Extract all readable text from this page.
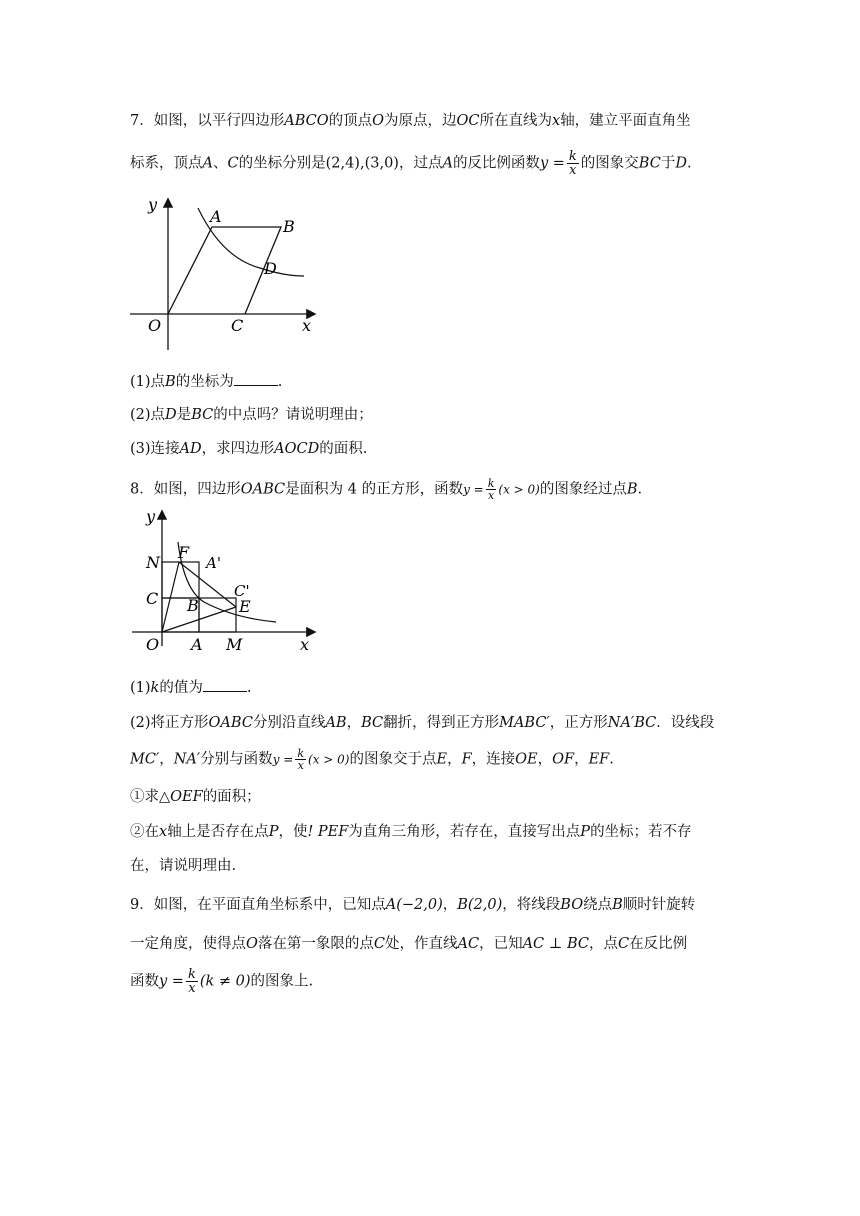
7．如图，以平行四边形ABCO的顶点O为原点，边OC所在直线为x轴，建立平面直角坐
标系，顶点A、C的坐标分别是(2,4),(3,0)，过点A的反比例函数$y = \frac{k}{x}$ 的图象交BC于D.
y
x
O
A
B
C
D
(1)点B的坐标为	.
(2)点D是BC的中点吗？请说明理由；
(3)连接AD，求四边形AOCD的面积.
8．如图，四边形OABC是面积为 4 的正方形，函数$y = \frac{k}{x} (x > 0)$的图象经过点B.
y
x
O A M
C B	E
N
F
A'
C'
(1)k的值为	.
(2)将正方形OABC分别沿直线AB，BC翻折，得到正方形MABC′，正方形NA′BC．设线段
MC′，NA′分别与函数$y = \frac{k}{x} (x > 0)$的图象交于点E，F，连接OE，OF，EF.
①求△OEF的面积；
②在x轴上是否存在点P，使! PEF为直角三角形，若存在，直接写出点P的坐标；若不存
在，请说明理由.
9．如图，在平面直角坐标系中，已知点A(−2,0)，B(2,0)，将线段BO绕点B顺时针旋转
一定角度，使得点O落在第一象限的点C处，作直线AC，已知AC ⊥ BC，点C在反比例
函数$y = \frac{k}{x} (k \ne 0)$的图象上.
